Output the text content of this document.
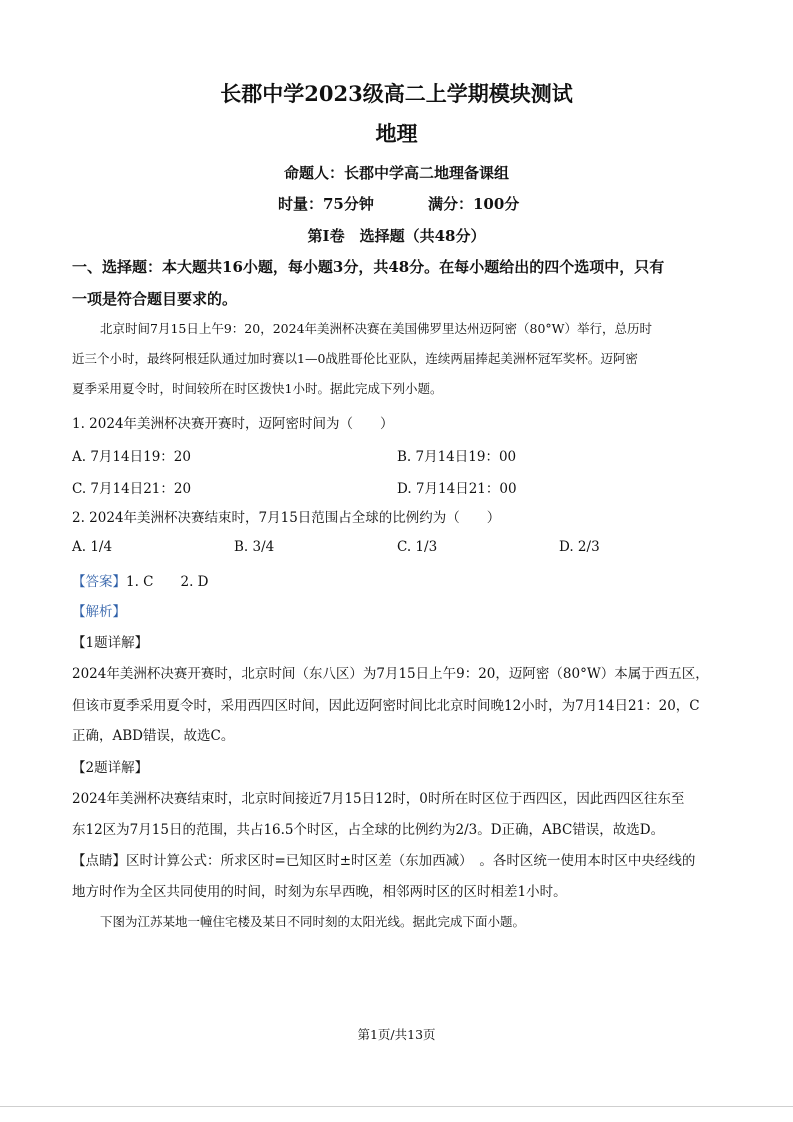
长郡中学2023级高二上学期模块测试
地理
命题人：长郡中学高二地理备课组
时量：75分钟	满分：100分
第Ⅰ卷　选择题（共48分）
一、选择题：本大题共16小题，每小题3分，共48分。在每小题给出的四个选项中，只有
一项是符合题目要求的。
北京时间7月15日上午9：20，2024年美洲杯决赛在美国佛罗里达州迈阿密（80°W）举行，总历时
近三个小时，最终阿根廷队通过加时赛以1—0战胜哥伦比亚队，连续两届捧起美洲杯冠军奖杯。迈阿密
夏季采用夏令时，时间较所在时区拨快1小时。据此完成下列小题。
1. 2024年美洲杯决赛开赛时，迈阿密时间为（　　）
A. 7月14日19：20	B. 7月14日19：00
C. 7月14日21：20	D. 7月14日21：00
2. 2024年美洲杯决赛结束时，7月15日范围占全球的比例约为（　　）
A. 1/4	B. 3/4	C. 1/3	D. 2/3
【答案】1. C　　2. D
【解析】
【1题详解】
2024年美洲杯决赛开赛时，北京时间（东八区）为7月15日上午9：20，迈阿密（80°W）本属于西五区，
但该市夏季采用夏令时，采用西四区时间，因此迈阿密时间比北京时间晚12小时，为7月14日21：20，C
正确，ABD错误，故选C。
【2题详解】
2024年美洲杯决赛结束时，北京时间接近7月15日12时，0时所在时区位于西四区，因此西四区往东至
东12区为7月15日的范围，共占16.5个时区，占全球的比例约为2/3。D正确，ABC错误，故选D。
【点睛】区时计算公式：所求区时=已知区时±时区差（东加西减）　。各时区统一使用本时区中央经线的
地方时作为全区共同使用的时间，时刻为东早西晚，相邻两时区的区时相差1小时。
下图为江苏某地一幢住宅楼及某日不同时刻的太阳光线。据此完成下面小题。
第1页/共13页
